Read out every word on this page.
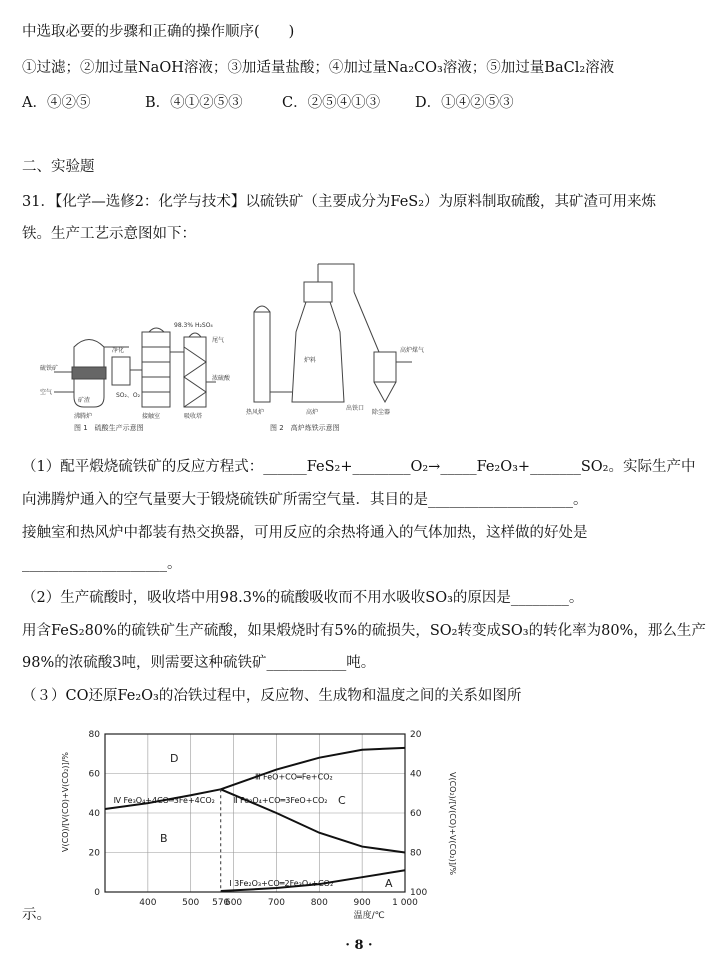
中选取必要的步骤和正确的操作顺序(　　)
①过滤；②加过量NaOH溶液；③加适量盐酸；④加过量Na₂CO₃溶液；⑤加过量BaCl₂溶液
A．④②⑤	B．④①②⑤③	C．②⑤④①③ D．①④②⑤③
二、实验题
31．【化学—选修2：化学与技术】以硫铁矿（主要成分为FeS₂）为原料制取硫酸，其矿渣可用来炼
铁。生产工艺示意图如下：
硫铁矿
空气
矿渣
沸腾炉
净化
SO₂、O₂
接触室
98.3% H₂SO₄
尾气
吸收塔
浓硫酸
炉料
热风炉	高炉
出铁口
除尘器
高炉煤气
图 1　硫酸生产示意图	图 2　高炉炼铁示意图
（1）配平煅烧硫铁矿的反应方程式：______FeS₂+________O₂→_____Fe₂O₃+_______SO₂。实际生产中
向沸腾炉通入的空气量要大于锻烧硫铁矿所需空气量．其目的是____________________。
接触室和热风炉中都装有热交换器，可用反应的余热将通入的气体加热，这样做的好处是
____________________。
（2）生产硫酸时，吸收塔中用98.3%的硫酸吸收而不用水吸收SO₃的原因是________。
用含FeS₂80%的硫铁矿生产硫酸，如果煅烧时有5%的硫损失，SO₂转变成SO₃的转化率为80%，那么生产
98%的浓硫酸3吨，则需要这种硫铁矿___________吨。
（３）CO还原Fe₂O₃的冶铁过程中，反应物、生成物和温度之间的关系如图所
示。
Ⅰ 3Fe₂O₃+CO═2Fe₃O₄+CO₂
Ⅱ Fe₃O₄+CO═3FeO+CO₂
Ⅲ FeO+CO═Fe+CO₂
Ⅳ Fe₃O₄+4CO═3Fe+4CO₂
400	500 570
600	700	800	900 1 000
0	100
20	80
40	60
60	40
80	20
温度/℃
V(CO)/[V(CO)+V(CO₂)]/%	V(CO₂)/[V(CO)+V(CO₂)]/%
D
B
C
A
· 8 ·
